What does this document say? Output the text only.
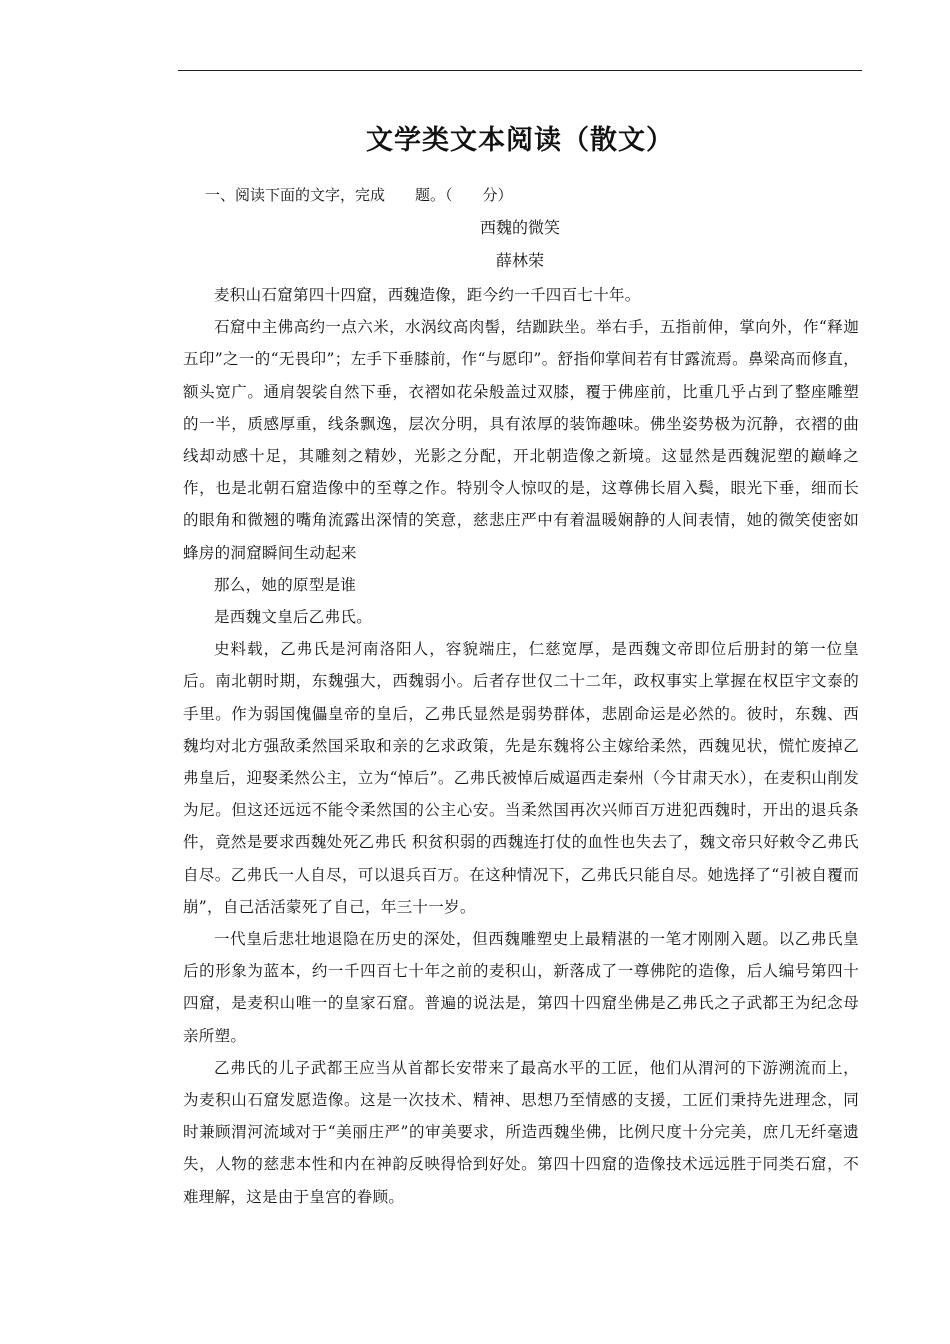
文学类文本阅读（散文）
一、阅读下面的文字，完成　　题。（　　分）
西魏的微笑
薛林荣

麦积山石窟第四十四窟，西魏造像，距今约一千四百七十年。

石窟中主佛高约一点六米，水涡纹高肉髻，结跏趺坐。举右手，五指前伸，掌向外，作“释迦五印”之一的“无畏印”；左手下垂膝前，作“与愿印”。舒指仰掌间若有甘露流焉。鼻梁高而修直，额头宽广。通肩袈裟自然下垂，衣褶如花朵般盖过双膝，覆于佛座前，比重几乎占到了整座雕塑的一半，质感厚重，线条飘逸，层次分明，具有浓厚的装饰趣味。佛坐姿势极为沉静，衣褶的曲线却动感十足，其雕刻之精妙，光影之分配，开北朝造像之新境。这显然是西魏泥塑的巅峰之作，也是北朝石窟造像中的至尊之作。特别令人惊叹的是，这尊佛长眉入鬓，眼光下垂，细而长的眼角和微翘的嘴角流露出深情的笑意，慈悲庄严中有着温暖娴静的人间表情，她的微笑使密如蜂房的洞窟瞬间生动起来

那么，她的原型是谁

是西魏文皇后乙弗氏。

史料载，乙弗氏是河南洛阳人，容貌端庄，仁慈宽厚，是西魏文帝即位后册封的第一位皇后。南北朝时期，东魏强大，西魏弱小。后者存世仅二十二年，政权事实上掌握在权臣宇文泰的手里。作为弱国傀儡皇帝的皇后，乙弗氏显然是弱势群体，悲剧命运是必然的。彼时，东魏、西魏均对北方强敌柔然国采取和亲的乞求政策，先是东魏将公主嫁给柔然，西魏见状，慌忙废掉乙弗皇后，迎娶柔然公主，立为“悼后”。乙弗氏被悼后威逼西走秦州（今甘肃天水），在麦积山削发为尼。但这还远远不能令柔然国的公主心安。当柔然国再次兴师百万进犯西魏时，开出的退兵条件，竟然是要求西魏处死乙弗氏 积贫积弱的西魏连打仗的血性也失去了，魏文帝只好敕令乙弗氏自尽。乙弗氏一人自尽，可以退兵百万。在这种情况下，乙弗氏只能自尽。她选择了“引被自覆而崩”，自己活活蒙死了自己，年三十一岁。

一代皇后悲壮地退隐在历史的深处，但西魏雕塑史上最精湛的一笔才刚刚入题。以乙弗氏皇后的形象为蓝本，约一千四百七十年之前的麦积山，新落成了一尊佛陀的造像，后人编号第四十四窟，是麦积山唯一的皇家石窟。普遍的说法是，第四十四窟坐佛是乙弗氏之子武都王为纪念母亲所塑。

乙弗氏的儿子武都王应当从首都长安带来了最高水平的工匠，他们从渭河的下游溯流而上，为麦积山石窟发愿造像。这是一次技术、精神、思想乃至情感的支援，工匠们秉持先进理念，同时兼顾渭河流域对于“美丽庄严”的审美要求，所造西魏坐佛，比例尺度十分完美，庶几无纤毫遗失，人物的慈悲本性和内在神韵反映得恰到好处。第四十四窟的造像技术远远胜于同类石窟，不难理解，这是由于皇宫的眷顾。
